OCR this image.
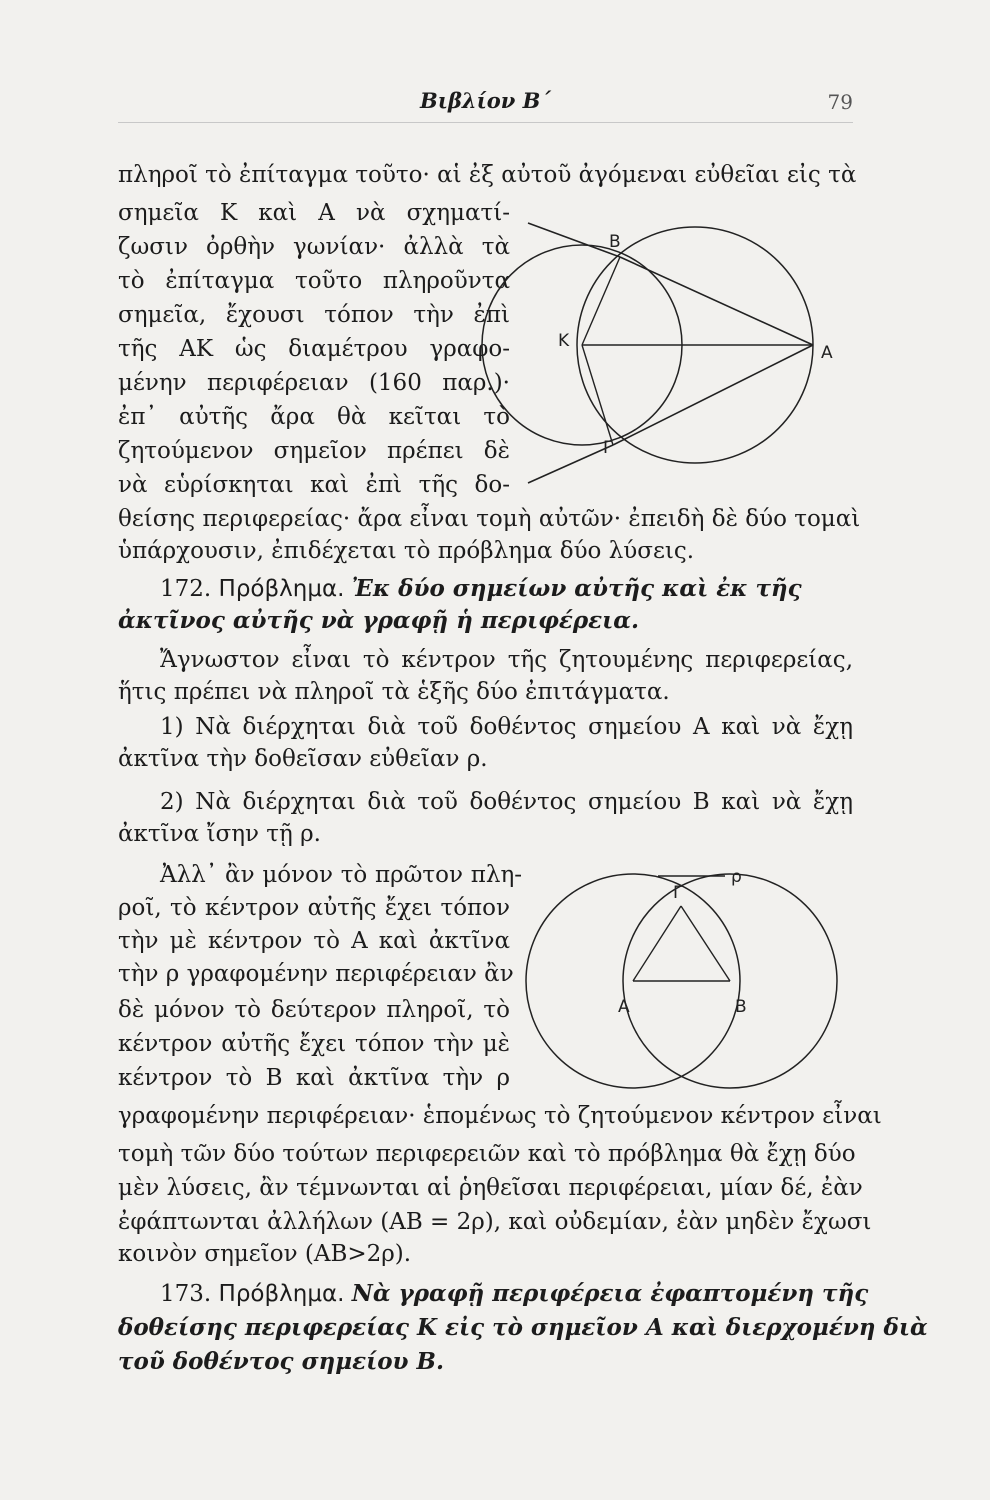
Βιβλίον Β΄	79
πληροῖ τὸ ἐπίταγμα τοῦτο· αἱ ἐξ αὐτοῦ ἀγόμεναι εὐθεῖαι εἰς τὰ
σημεῖα Κ καὶ Α νὰ σχηματί-
ζωσιν ὀρθὴν γωνίαν· ἀλλὰ τὰ
τὸ ἐπίταγμα τοῦτο πληροῦντα
σημεῖα, ἔχουσι τόπον τὴν ἐπὶ
τῆς ΑΚ ὡς διαμέτρου γραφο-
μένην περιφέρειαν (160 παρ.)·
ἐπ᾽ αὐτῆς ἄρα θὰ κεῖται τὸ
ζητούμενον σημεῖον πρέπει δὲ
νὰ εὑρίσκηται καὶ ἐπὶ τῆς δο-
θείσης περιφερείας· ἄρα εἶναι τομὴ αὐτῶν· ἐπειδὴ δὲ δύο τομαὶ
ὑπάρχουσιν, ἐπιδέχεται τὸ πρόβλημα δύο λύσεις.
B
K
A
Γ
172. Πρόβλημα. Ἐκ δύο σημείων αὐτῆς καὶ ἐκ τῆς
ἀκτῖνος αὐτῆς νὰ γραφῇ ἡ περιφέρεια.
Ἄγνωστον εἶναι τὸ κέντρον τῆς ζητουμένης περιφερείας,
ἥτις πρέπει νὰ πληροῖ τὰ ἑξῆς δύο ἐπιτάγματα.
1) Νὰ διέρχηται διὰ τοῦ δοθέντος σημείου Α καὶ νὰ ἔχῃ
ἀκτῖνα τὴν δοθεῖσαν εὐθεῖαν ρ.
2) Νὰ διέρχηται διὰ τοῦ δοθέντος σημείου Β καὶ νὰ ἔχῃ
ἀκτῖνα ἴσην τῇ ρ.
Ἀλλ᾽ ἂν μόνον τὸ πρῶτον πλη-
ροῖ, τὸ κέντρον αὐτῆς ἔχει τόπον
τὴν μὲ κέντρον τὸ Α καὶ ἀκτῖνα
τὴν ρ γραφομένην περιφέρειαν ἂν
δὲ μόνον τὸ δεύτερον πληροῖ, τὸ
κέντρον αὐτῆς ἔχει τόπον τὴν μὲ
κέντρον τὸ Β καὶ ἀκτῖνα τὴν ρ
γραφομένην περιφέρειαν· ἑπομένως τὸ ζητούμενον κέντρον εἶναι
τομὴ τῶν δύο τούτων περιφερειῶν καὶ τὸ πρόβλημα θὰ ἔχῃ δύο
μὲν λύσεις, ἂν τέμνωνται αἱ ῥηθεῖσαι περιφέρειαι, μίαν δέ, ἐὰν
ἐφάπτωνται ἀλλήλων (ΑΒ = 2ρ), καὶ οὐδεμίαν, ἐὰν μηδὲν ἔχωσι
κοινὸν σημεῖον (ΑΒ>2ρ).
ρ
Γ
A	B
173. Πρόβλημα. Νὰ γραφῇ περιφέρεια ἐφαπτομένη τῆς
δοθείσης περιφερείας Κ εἰς τὸ σημεῖον Α καὶ διερχομένη διὰ
τοῦ δοθέντος σημείου Β.
